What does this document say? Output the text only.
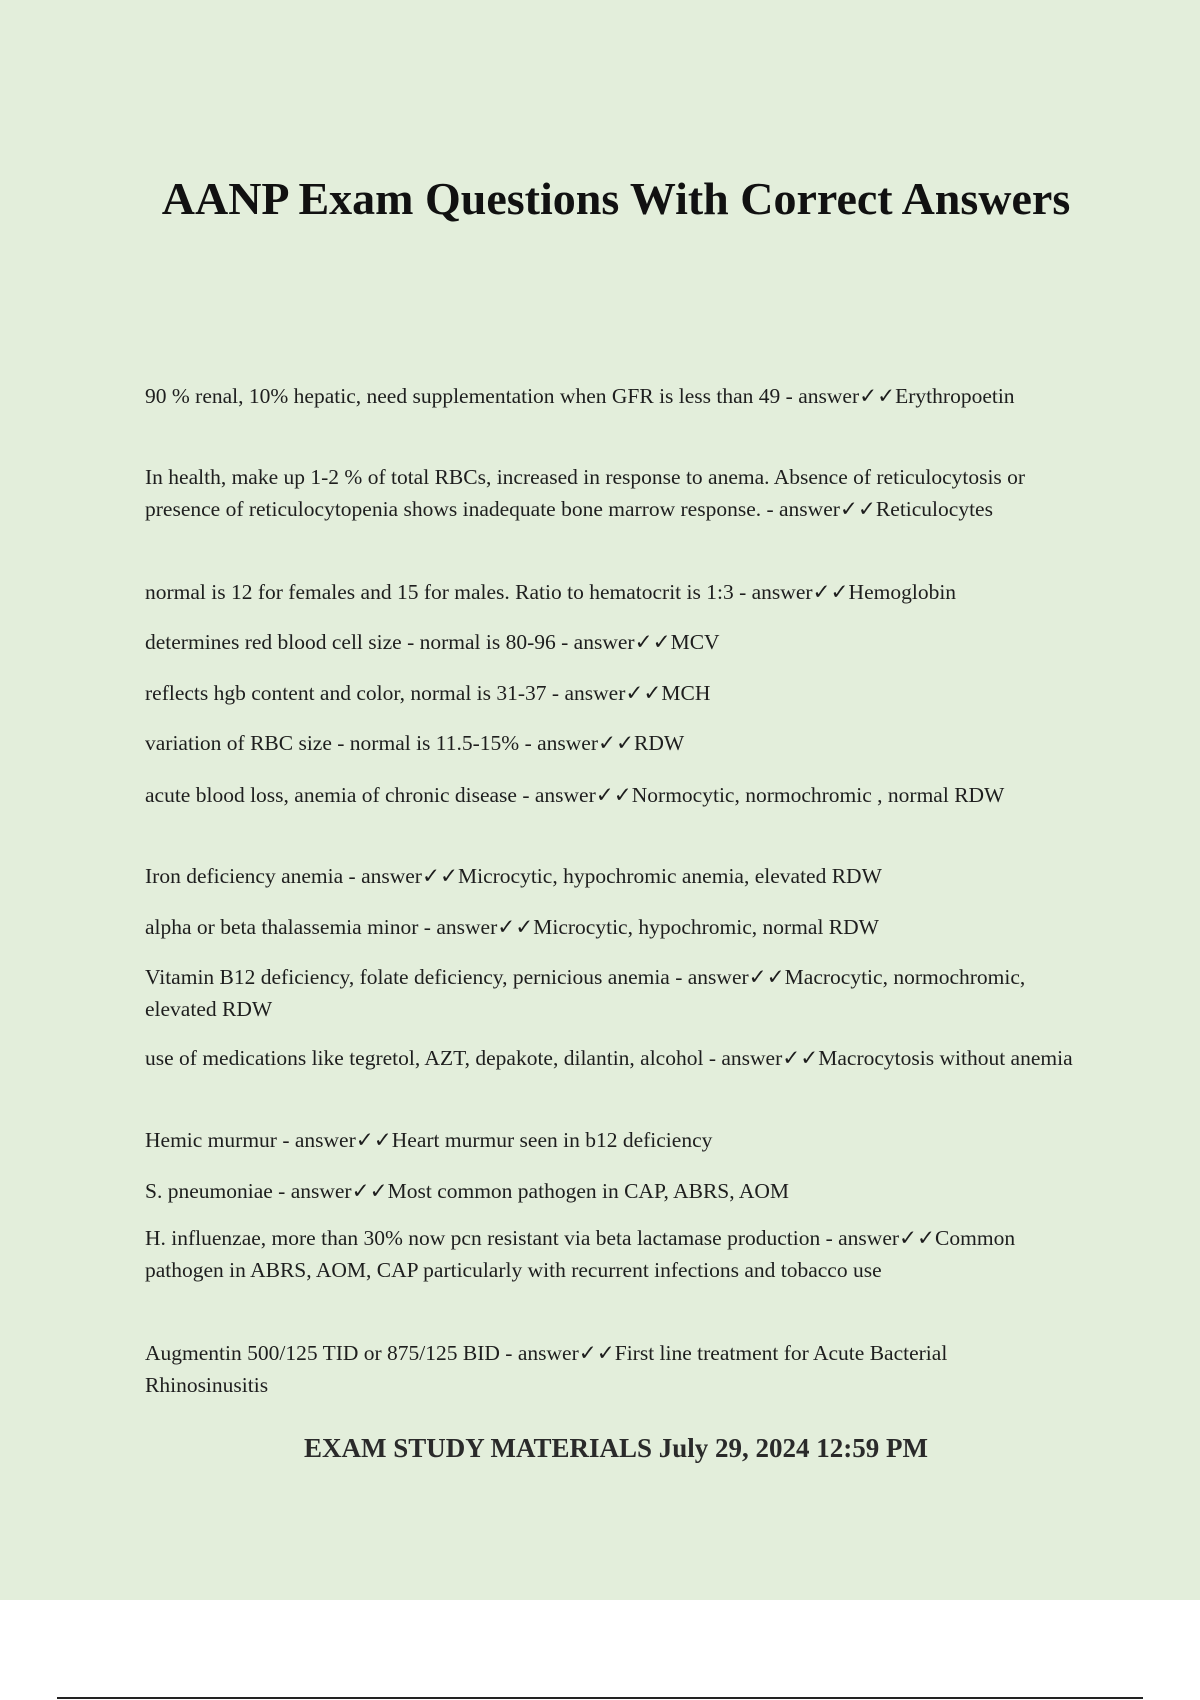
AANP Exam Questions With Correct Answers
90 % renal, 10% hepatic, need supplementation when GFR is less than 49 - answer✓✓Erythropoetin
In health, make up 1-2 % of total RBCs, increased in response to anema. Absence of reticulocytosis or presence of reticulocytopenia shows inadequate bone marrow response. - answer✓✓Reticulocytes
normal is 12 for females and 15 for males. Ratio to hematocrit is 1:3 - answer✓✓Hemoglobin
determines red blood cell size - normal is 80-96 - answer✓✓MCV
reflects hgb content and color, normal is 31-37 - answer✓✓MCH
variation of RBC size - normal is 11.5-15% - answer✓✓RDW
acute blood loss, anemia of chronic disease - answer✓✓Normocytic, normochromic , normal RDW
Iron deficiency anemia - answer✓✓Microcytic, hypochromic anemia, elevated RDW
alpha or beta thalassemia minor - answer✓✓Microcytic, hypochromic, normal RDW
Vitamin B12 deficiency, folate deficiency, pernicious anemia - answer✓✓Macrocytic, normochromic, elevated RDW
use of medications like tegretol, AZT, depakote, dilantin, alcohol - answer✓✓Macrocytosis without anemia
Hemic murmur - answer✓✓Heart murmur seen in b12 deficiency
S. pneumoniae - answer✓✓Most common pathogen in CAP, ABRS, AOM
H. influenzae, more than 30% now pcn resistant via beta lactamase production - answer✓✓Common pathogen in ABRS, AOM, CAP particularly with recurrent infections and tobacco use
Augmentin 500/125 TID or 875/125 BID - answer✓✓First line treatment for Acute Bacterial Rhinosinusitis
EXAM STUDY MATERIALS July 29, 2024 12:59 PM
